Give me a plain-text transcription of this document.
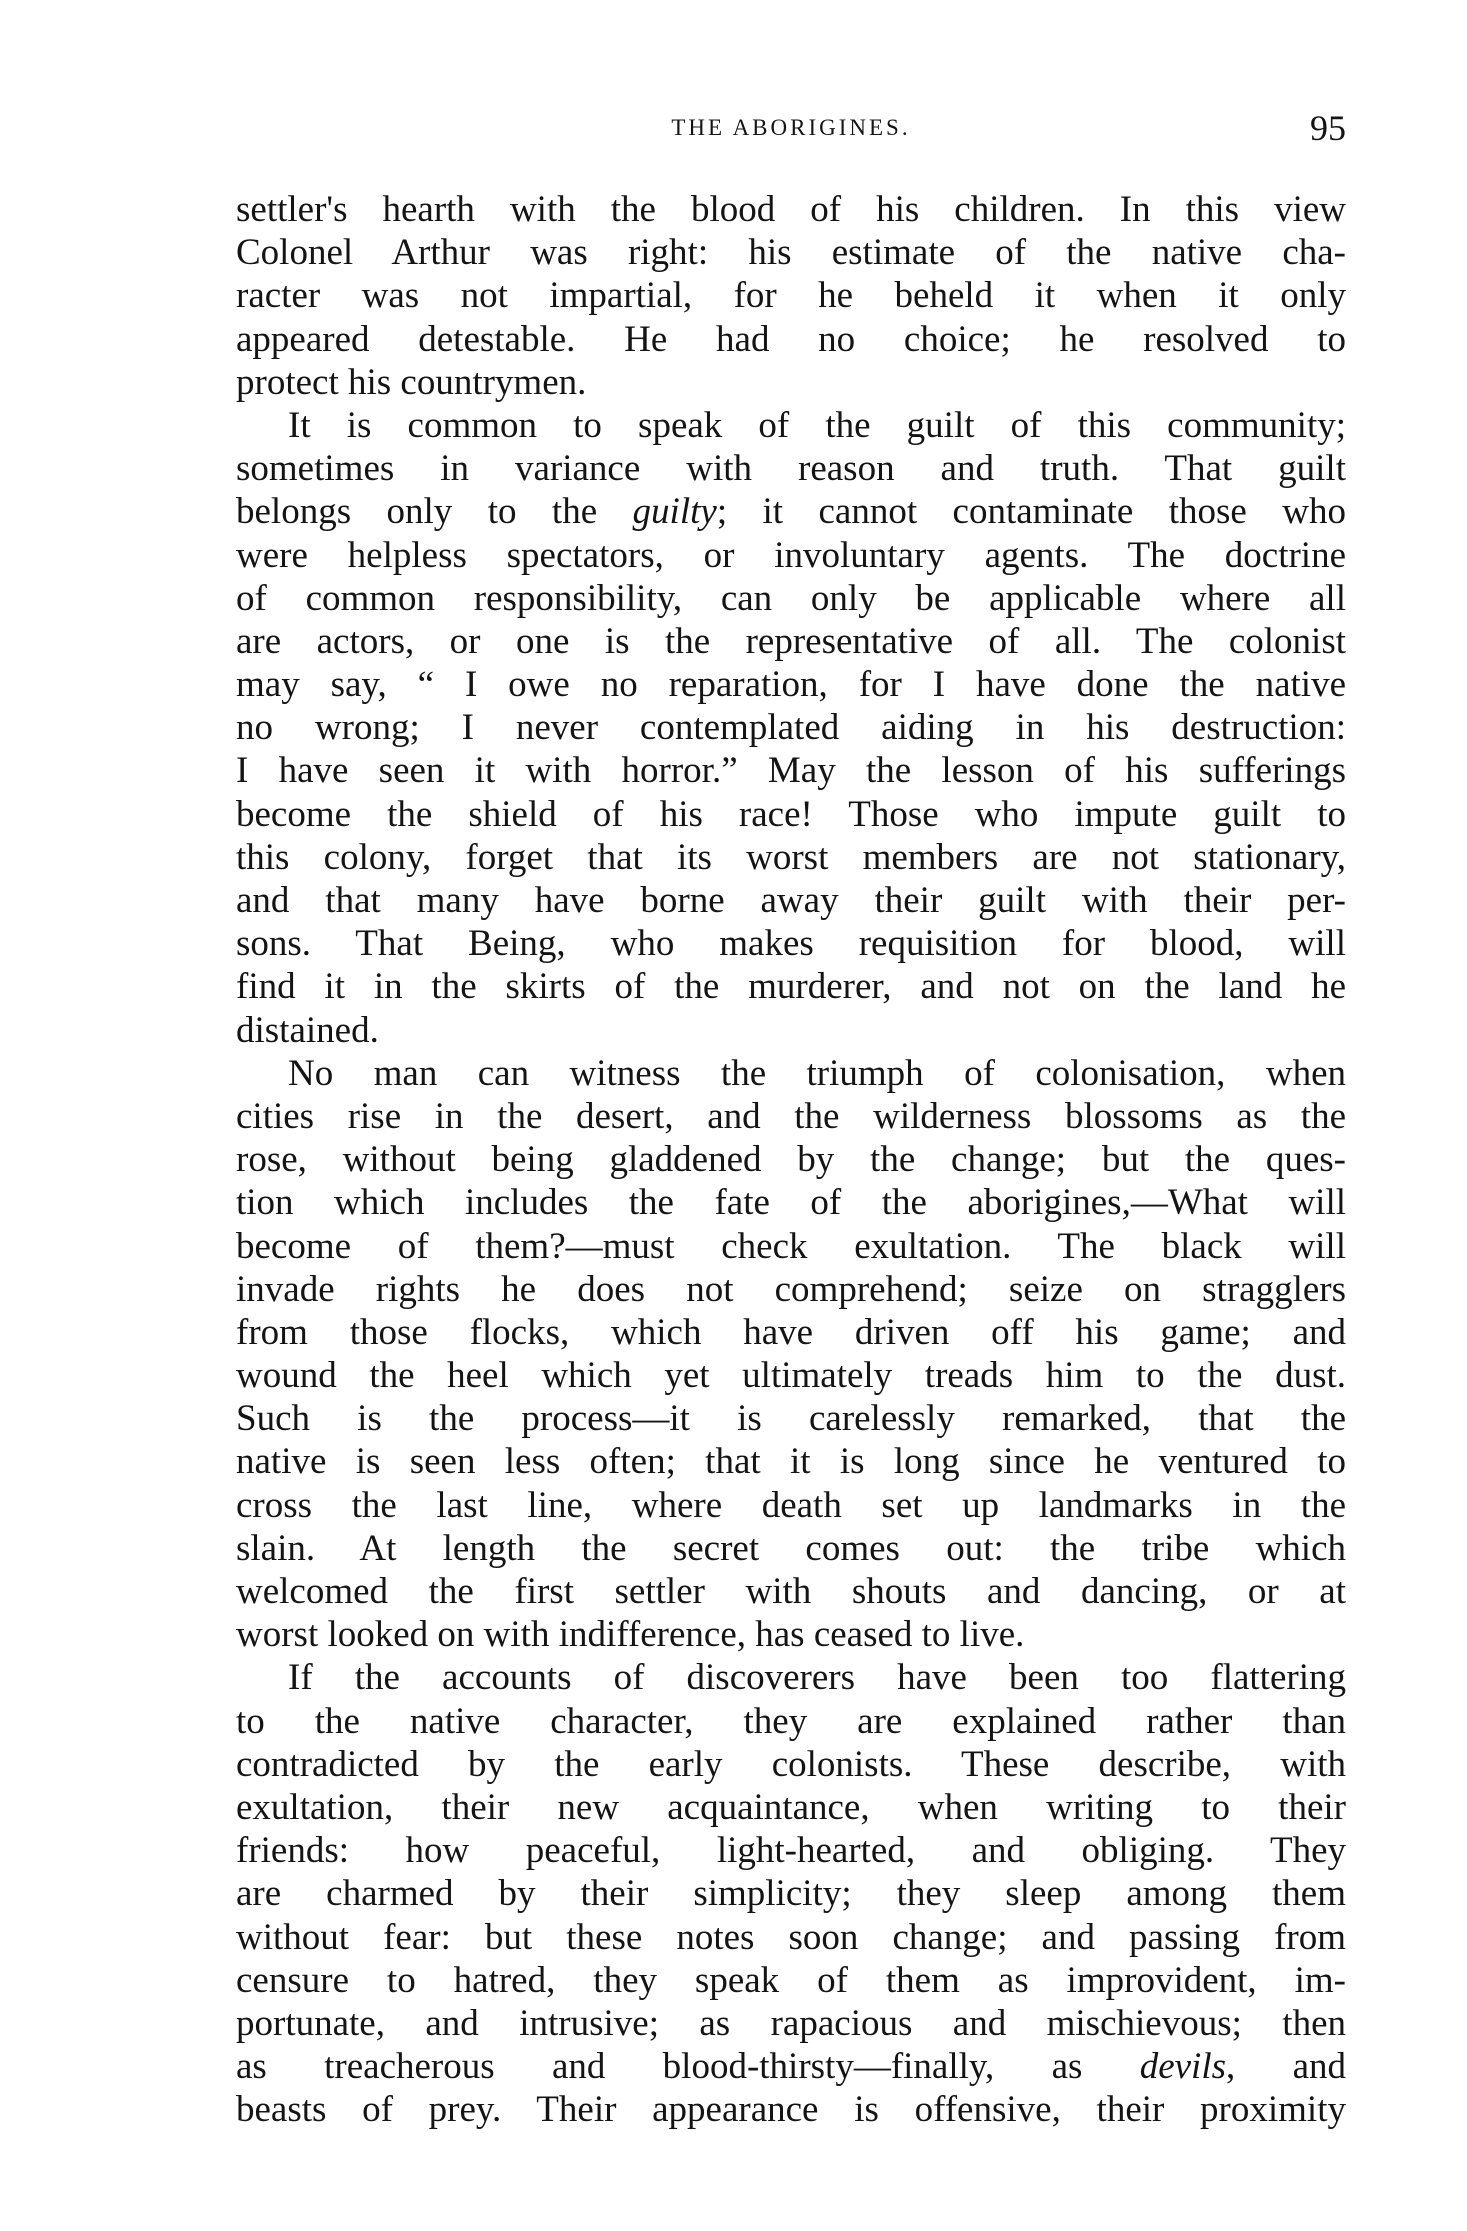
THE ABORIGINES.	95
settler's hearth with the blood of his children. In this view
Colonel Arthur was right: his estimate of the native cha-
racter was not impartial, for he beheld it when it only
appeared detestable. He had no choice; he resolved to
protect his countrymen.
It is common to speak of the guilt of this community;
sometimes in variance with reason and truth. That guilt
belongs only to the guilty; it cannot contaminate those who
were helpless spectators, or involuntary agents. The doctrine
of common responsibility, can only be applicable where all
are actors, or one is the representative of all. The colonist
may say, “ I owe no reparation, for I have done the native
no wrong; I never contemplated aiding in his destruction:
I have seen it with horror.” May the lesson of his sufferings
become the shield of his race! Those who impute guilt to
this colony, forget that its worst members are not stationary,
and that many have borne away their guilt with their per-
sons. That Being, who makes requisition for blood, will
find it in the skirts of the murderer, and not on the land he
distained.
No man can witness the triumph of colonisation, when
cities rise in the desert, and the wilderness blossoms as the
rose, without being gladdened by the change; but the ques-
tion which includes the fate of the aborigines,—What will
become of them?—must check exultation. The black will
invade rights he does not comprehend; seize on stragglers
from those flocks, which have driven off his game; and
wound the heel which yet ultimately treads him to the dust.
Such is the process—it is carelessly remarked, that the
native is seen less often; that it is long since he ventured to
cross the last line, where death set up landmarks in the
slain. At length the secret comes out: the tribe which
welcomed the first settler with shouts and dancing, or at
worst looked on with indifference, has ceased to live.
If the accounts of discoverers have been too flattering
to the native character, they are explained rather than
contradicted by the early colonists. These describe, with
exultation, their new acquaintance, when writing to their
friends: how peaceful, light-hearted, and obliging. They
are charmed by their simplicity; they sleep among them
without fear: but these notes soon change; and passing from
censure to hatred, they speak of them as improvident, im-
portunate, and intrusive; as rapacious and mischievous; then
as treacherous and blood-thirsty—finally, as devils, and
beasts of prey. Their appearance is offensive, their proximity
